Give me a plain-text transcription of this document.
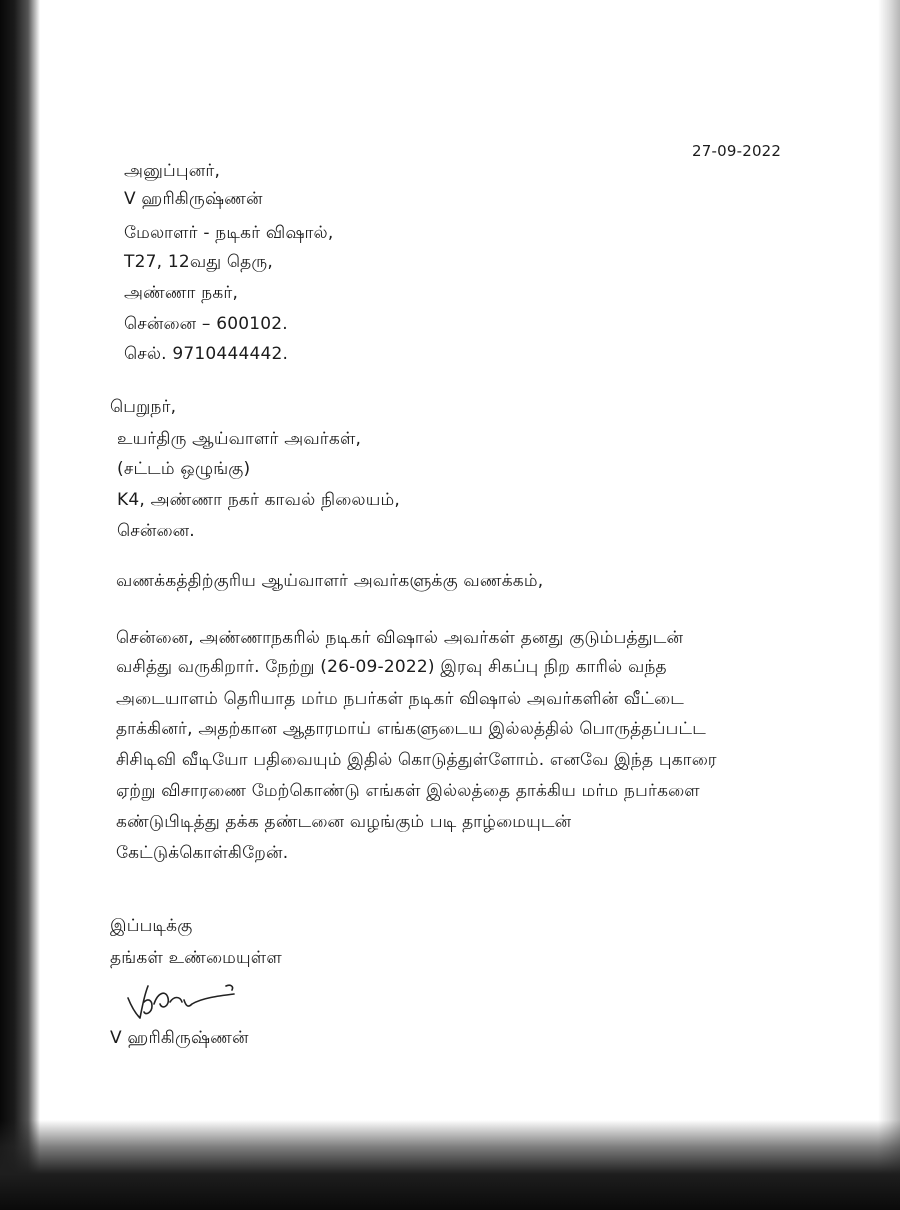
27-09-2022
அனுப்புனர்,
V ஹரிகிருஷ்ணன்
மேலாளர் - நடிகர் விஷால்,
T27, 12வது தெரு,
அண்ணா நகர்,
சென்னை – 600102.
செல். 9710444442.
பெறுநர்,
உயர்திரு ஆய்வாளர் அவர்கள்,
(சட்டம் ஒழுங்கு)
K4, அண்ணா நகர் காவல் நிலையம்,
சென்னை.
வணக்கத்திற்குரிய ஆய்வாளர் அவர்களுக்கு வணக்கம்,
சென்னை, அண்ணாநகரில் நடிகர் விஷால் அவர்கள் தனது குடும்பத்துடன்
வசித்து வருகிறார். நேற்று (26-09-2022) இரவு சிகப்பு நிற காரில் வந்த
அடையாளம் தெரியாத மர்ம நபர்கள் நடிகர் விஷால் அவர்களின் வீட்டை
தாக்கினர், அதற்கான ஆதாரமாய் எங்களுடைய இல்லத்தில் பொருத்தப்பட்ட
சிசிடிவி வீடியோ பதிவையும் இதில் கொடுத்துள்ளோம். எனவே இந்த புகாரை
ஏற்று விசாரணை மேற்கொண்டு எங்கள் இல்லத்தை தாக்கிய மர்ம நபர்களை
கண்டுபிடித்து தக்க தண்டனை வழங்கும் படி தாழ்மையுடன்
கேட்டுக்கொள்கிறேன்.
இப்படிக்கு
தங்கள் உண்மையுள்ள
V ஹரிகிருஷ்ணன்
